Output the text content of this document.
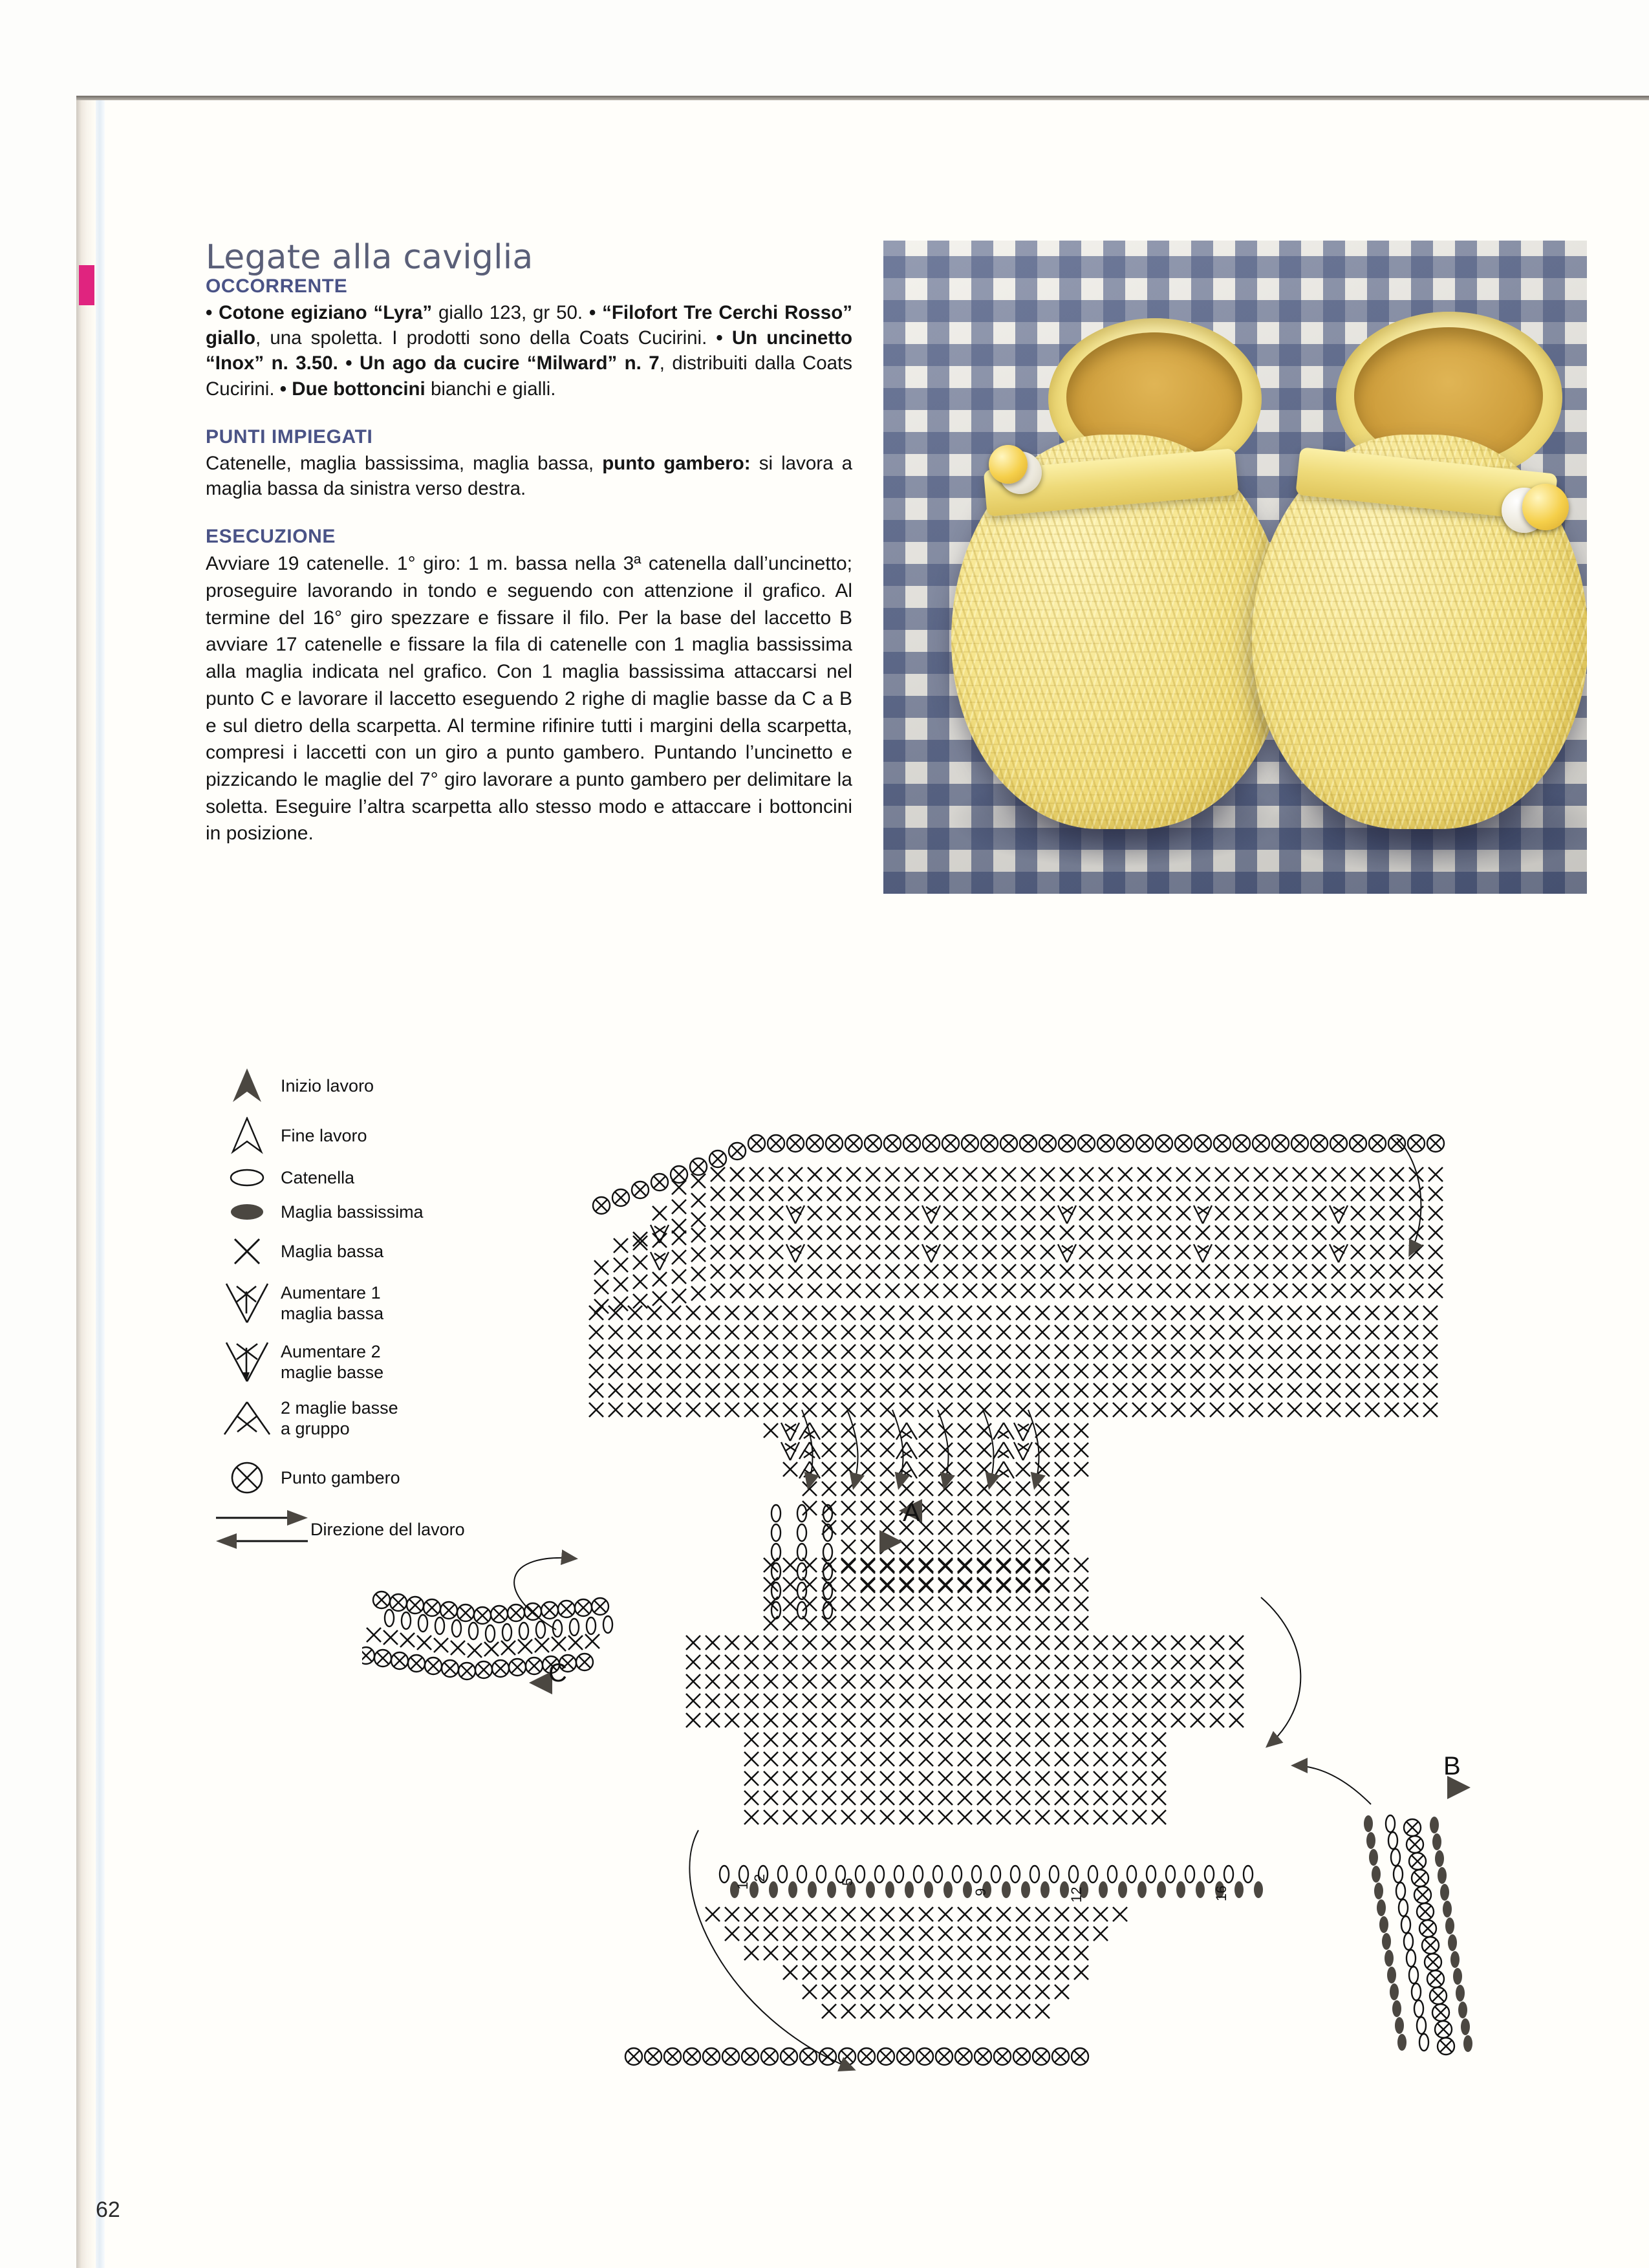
Legate alla caviglia
OCCORRENTE

• Cotone egiziano “Lyra” giallo 123, gr 50. • “Filofort Tre Cerchi Rosso” giallo, una spoletta. I prodotti sono della Coats Cucirini. • Un uncinetto “Inox” n. 3.50. • Un ago da cucire “Milward” n. 7, distribuiti dalla Coats Cucirini. • Due bottoncini bianchi e gialli.

PUNTI IMPIEGATI

Catenelle, maglia bassissima, maglia bassa, punto gambero: si lavora a maglia bassa da sinistra verso destra.

ESECUZIONE

Avviare 19 catenelle. 1° giro: 1 m. bassa nella 3ª catenella dall’uncinetto; proseguire lavorando in tondo e seguendo con attenzione il grafico. Al termine del 16° giro spezzare e fissare il filo. Per la base del laccetto B avviare 17 catenelle e fissare la fila di catenelle con 1 maglia bassissima alla maglia indicata nel grafico. Con 1 maglia bassissima attaccarsi nel punto C e lavorare il laccetto eseguendo 2 righe di maglie basse da C a B e sul dietro della scarpetta. Al termine rifinire tutti i margini della scarpetta, compresi i laccetti con un giro a punto gambero. Puntando l’uncinetto e pizzicando le maglie del 7° giro lavorare a punto gambero per delimitare la soletta. Eseguire l’altra scarpetta allo stesso modo e attaccare i bottoncini in posizione.

Inizio lavoro
Fine lavoro
Catenella
Maglia bassissima
Maglia bassa
Aumentare 1
maglia bassa
Aumentare 2
maglie basse
2 maglie basse
a gruppo
Punto gambero
Direzione del lavoro
A
B
C
1
2	5
9	12	16
62
